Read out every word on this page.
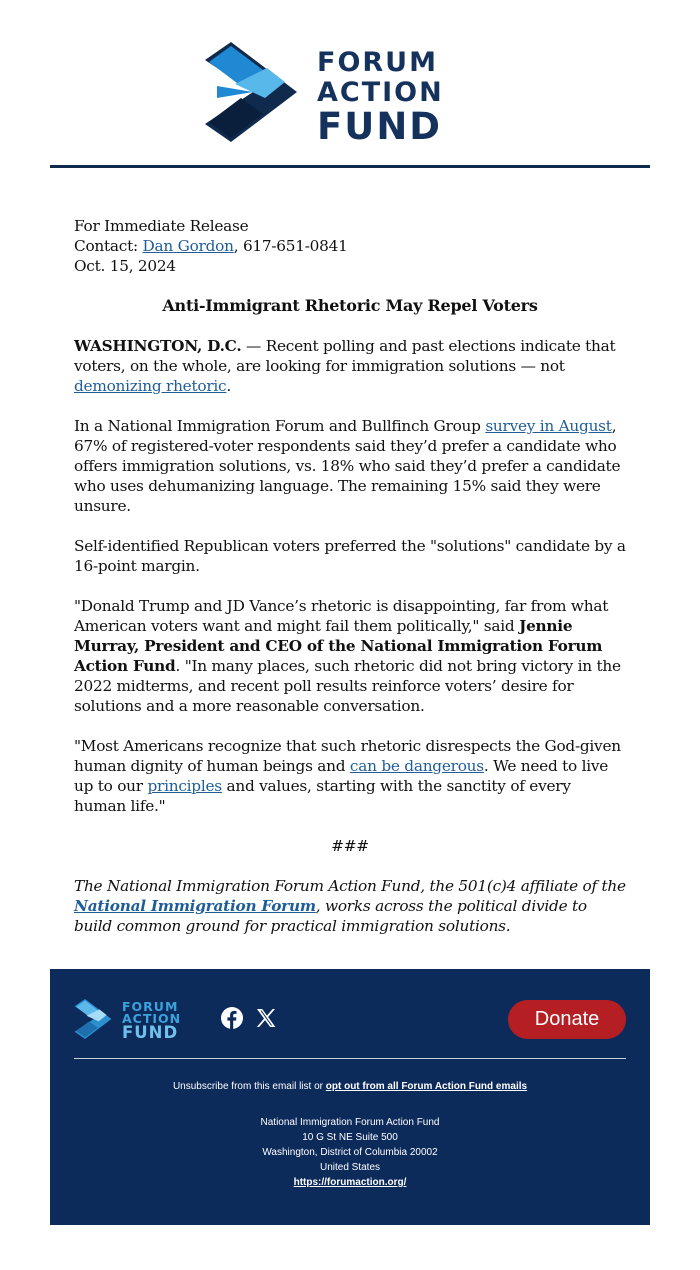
FORUM
ACTION
FUND

For Immediate Release
Contact: Dan Gordon, 617-651-0841
Oct. 15, 2024

Anti-Immigrant Rhetoric May Repel Voters

WASHINGTON, D.C. — Recent polling and past elections indicate that voters, on the whole, are looking for immigration solutions — not demonizing rhetoric.

In a National Immigration Forum and Bullfinch Group survey in August, 67% of registered-voter respondents said they’d prefer a candidate who offers immigration solutions, vs. 18% who said they’d prefer a candidate who uses dehumanizing language. The remaining 15% said they were unsure.

Self-identified Republican voters preferred the "solutions" candidate by a 16-point margin.

"Donald Trump and JD Vance’s rhetoric is disappointing, far from what American voters want and might fail them politically," said Jennie Murray, President and CEO of the National Immigration Forum Action Fund. "In many places, such rhetoric did not bring victory in the 2022 midterms, and recent poll results reinforce voters’ desire for solutions and a more reasonable conversation.

"Most Americans recognize that such rhetoric disrespects the God-given human dignity of human beings and can be dangerous. We need to live up to our principles and values, starting with the sanctity of every human life."

###

The National Immigration Forum Action Fund, the 501(c)4 affiliate of the National Immigration Forum, works across the political divide to build common ground for practical immigration solutions.

FORUM
ACTION
FUND
Donate
Unsubscribe from this email list or opt out from all Forum Action Fund emails
National Immigration Forum Action Fund
10 G St NE Suite 500
Washington, District of Columbia 20002
United States
https://forumaction.org/
